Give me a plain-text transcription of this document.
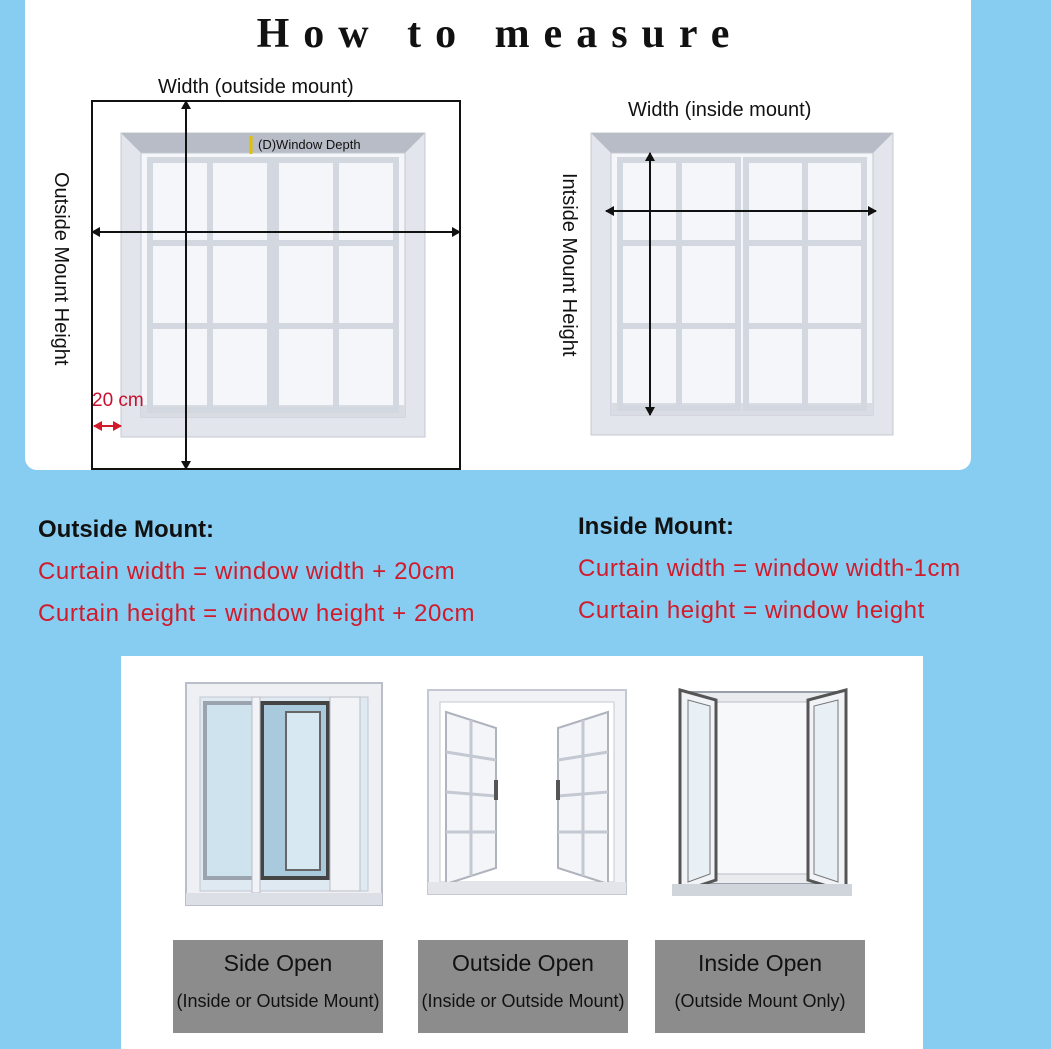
How to measure
Width (outside mount)
Outside Mount Height
(D)Window Depth
20 cm
Width (inside mount)
Intside Mount Height
Outside Mount:
Curtain width = window width + 20cm
Curtain height = window height + 20cm
Inside Mount:
Curtain width = window width-1cm
Curtain height = window height
Side Open
(Inside or Outside Mount)
Outside Open
(Inside or Outside Mount)
Inside Open
(Outside Mount Only)
